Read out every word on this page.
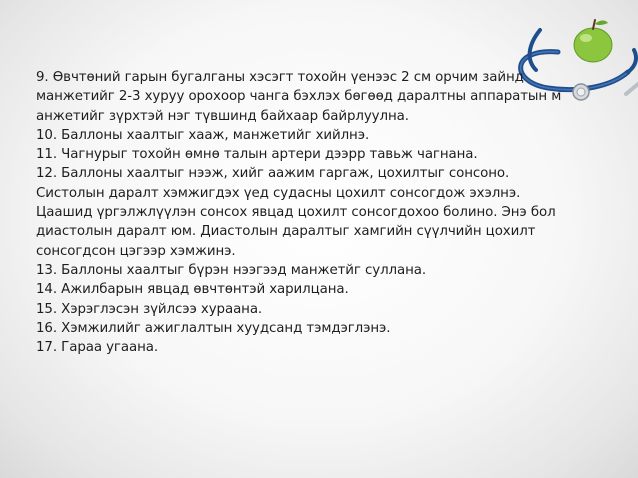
9. Өвчтөний гарын бугалганы хэсэгт тохойн үенээс 2 см орчим зайнд
манжетийг 2-3 хуруу орохоор чанга бэхлэх бөгөөд даралтны аппаратын м
анжетийг зүрхтэй нэг түвшинд байхаар байрлуулна.
10. Баллоны хаалтыг хааж, манжетийг хийлнэ.
11. Чагнурыг тохойн өмнө талын артери дээрр тавьж чагнана.
12. Баллоны хаалтыг нээж, хийг аажим гаргаж, цохилтыг сонсоно.
Систолын даралт хэмжигдэх үед судасны цохилт сонсогдож эхэлнэ.
Цаашид үргэлжлүүлэн сонсох явцад цохилт сонсогдохоо болино. Энэ бол
диастолын даралт юм. Диастолын даралтыг хамгийн сүүлчийн цохилт
сонсогдсон цэгээр хэмжинэ.
13. Баллоны хаалтыг бүрэн нээгээд манжетйг суллана.
14. Ажилбарын явцад өвчтөнтэй харилцана.
15. Хэрэглэсэн зүйлсээ хураана.
16. Хэмжилийг ажиглалтын хуудсанд тэмдэглэнэ.
17. Гараа угаана.
